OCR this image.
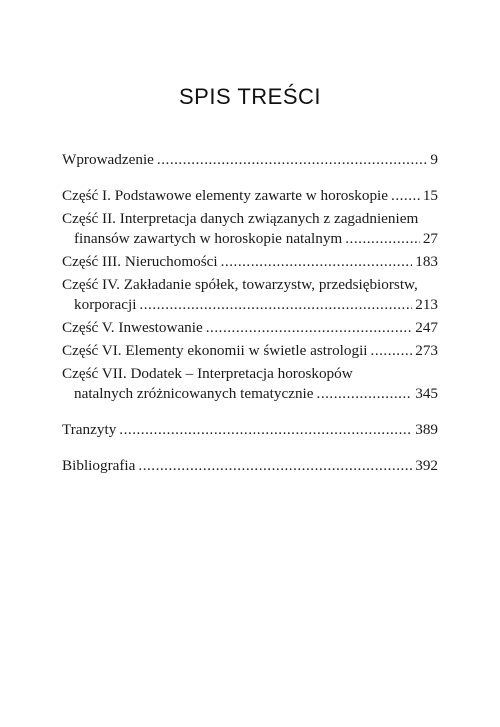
SPIS TREŚCI
Wprowadzenie .....	9
Część I. Podstawowe elementy zawarte w horoskopie ..... 15
Część II. Interpretacja danych związanych z zagadnieniem
finansów zawartych w horoskopie natalnym .....	27
Część III. Nieruchomości .....	183
Część IV. Zakładanie spółek, towarzystw, przedsiębiorstw,
korporacji .....	213
Część V. Inwestowanie .....	247
Część VI. Elementy ekonomii w świetle astrologii .....	273
Część VII. Dodatek – Interpretacja horoskopów
natalnych zróżnicowanych tematycznie .....	345
Tranzyty .....	389
Bibliografia .....	392
